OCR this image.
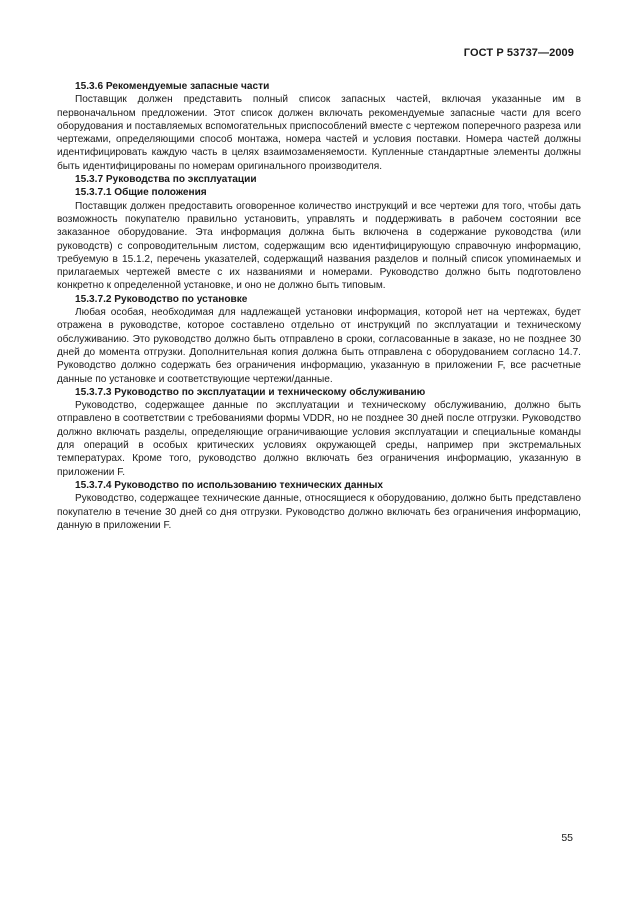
ГОСТ Р 53737—2009

15.3.6 Рекомендуемые запасные части

Поставщик должен представить полный список запасных частей, включая указанные им в первоначальном предложении. Этот список должен включать рекомендуемые запасные части для всего оборудования и поставляемых вспомогательных приспособлений вместе с чертежом поперечного разреза или чертежами, определяющими способ монтажа, номера частей и условия поставки. Номера частей должны идентифицировать каждую часть в целях взаимозаменяемости. Купленные стандартные элементы должны быть идентифицированы по номерам оригинального производителя.

15.3.7 Руководства по эксплуатации

15.3.7.1 Общие положения

Поставщик должен предоставить оговоренное количество инструкций и все чертежи для того, чтобы дать возможность покупателю правильно установить, управлять и поддерживать в рабочем состоянии все заказанное оборудование. Эта информация должна быть включена в содержание руководства (или руководств) с сопроводительным листом, содержащим всю идентифицирующую справочную информацию, требуемую в 15.1.2, перечень указателей, содержащий названия разделов и полный список упоминаемых и прилагаемых чертежей вместе с их названиями и номерами. Руководство должно быть подготовлено конкретно к определенной установке, и оно не должно быть типовым.

15.3.7.2 Руководство по установке

Любая особая, необходимая для надлежащей установки информация, которой нет на чертежах, будет отражена в руководстве, которое составлено отдельно от инструкций по эксплуатации и техническому обслуживанию. Это руководство должно быть отправлено в сроки, согласованные в заказе, но не позднее 30 дней до момента отгрузки. Дополнительная копия должна быть отправлена с оборудованием согласно 14.7. Руководство должно содержать без ограничения информацию, указанную в приложении F, все расчетные данные по установке и соответствующие чертежи/данные.

15.3.7.3 Руководство по эксплуатации и техническому обслуживанию

Руководство, содержащее данные по эксплуатации и техническому обслуживанию, должно быть отправлено в соответствии с требованиями формы VDDR, но не позднее 30 дней после отгрузки. Руководство должно включать разделы, определяющие ограничивающие условия эксплуатации и специальные команды для операций в особых критических условиях окружающей среды, например при экстремальных температурах. Кроме того, руководство должно включать без ограничения информацию, указанную в приложении F.

15.3.7.4 Руководство по использованию технических данных

Руководство, содержащее технические данные, относящиеся к оборудованию, должно быть представлено покупателю в течение 30 дней со дня отгрузки. Руководство должно включать без ограничения информацию, данную в приложении F.

55
